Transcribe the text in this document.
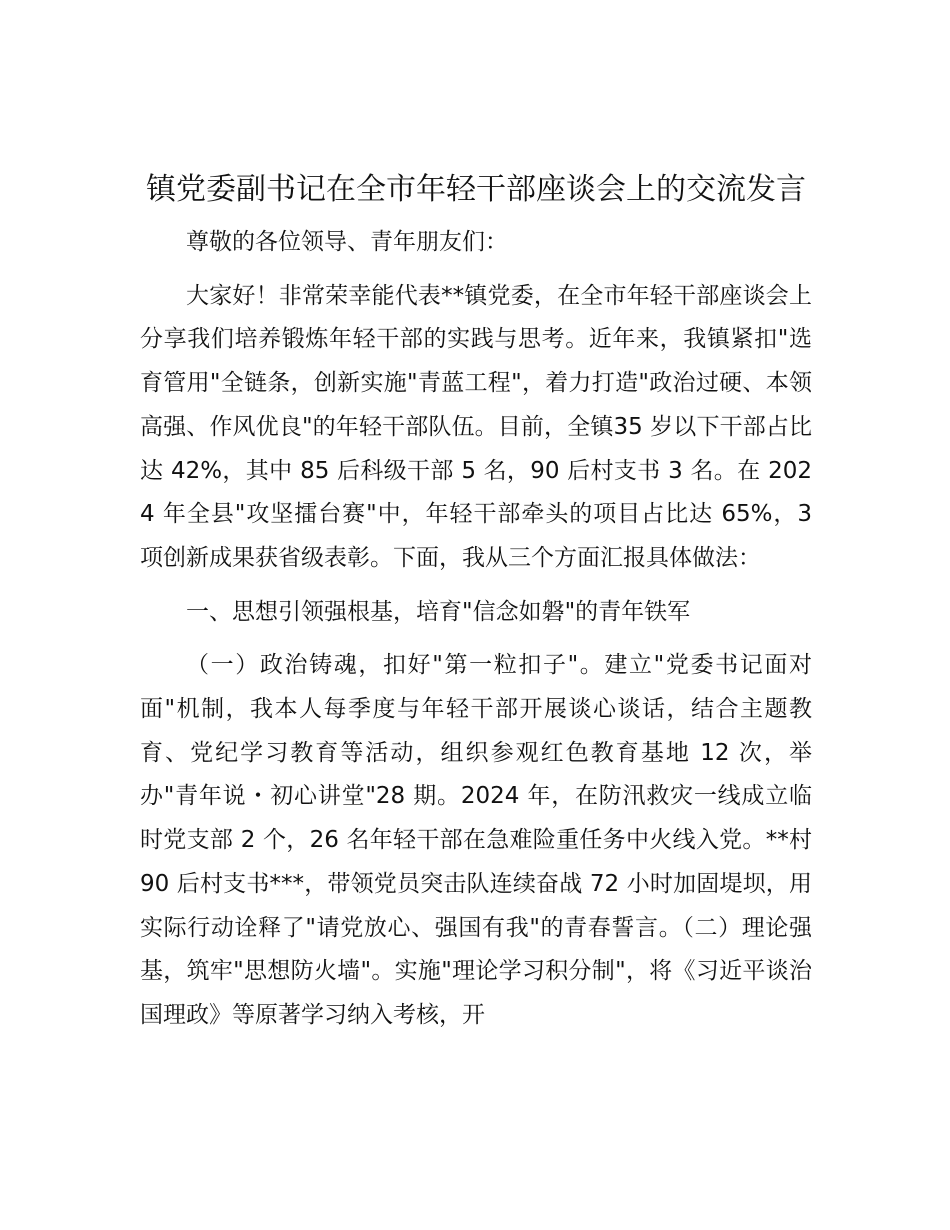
镇党委副书记在全市年轻干部座谈会上的交流发言

尊敬的各位领导、青年朋友们：

大家好！非常荣幸能代表**镇党委，在全市年轻干部座谈会上分享我们培养锻炼年轻干部的实践与思考。近年来，我镇紧扣"选育管用"全链条，创新实施"青蓝工程"，着力打造"政治过硬、本领高强、作风优良"的年轻干部队伍。目前，全镇35 岁以下干部占比达 42%，其中 85 后科级干部 5 名，90 后村支书 3 名。在 2024 年全县"攻坚擂台赛"中，年轻干部牵头的项目占比达 65%，3 项创新成果获省级表彰。下面，我从三个方面汇报具体做法：

一、思想引领强根基，培育"信念如磐"的青年铁军

（一）政治铸魂，扣好"第一粒扣子"。建立"党委书记面对面"机制，我本人每季度与年轻干部开展谈心谈话，结合主题教育、党纪学习教育等活动，组织参观红色教育基地 12 次，举办"青年说・初心讲堂"28 期。2024 年，在防汛救灾一线成立临时党支部 2 个，26 名年轻干部在急难险重任务中火线入党。**村 90 后村支书***，带领党员突击队连续奋战 72 小时加固堤坝，用实际行动诠释了"请党放心、强国有我"的青春誓言。（二）理论强基，筑牢"思想防火墙"。实施"理论学习积分制"，将《习近平谈治国理政》等原著学习纳入考核，开
